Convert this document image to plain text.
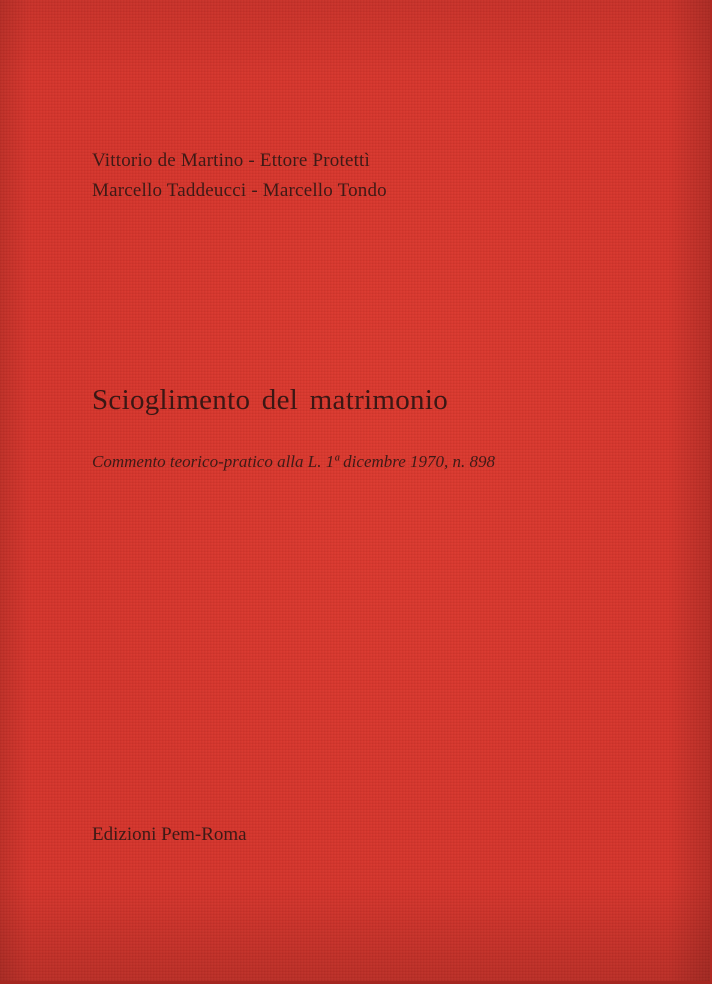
Vittorio de Martino - Ettore Protettì
Marcello Taddeucci - Marcello Tondo
Scioglimento del matrimonio
Commento teorico-pratico alla L. 1ª dicembre 1970, n. 898
Edizioni Pem-Roma
